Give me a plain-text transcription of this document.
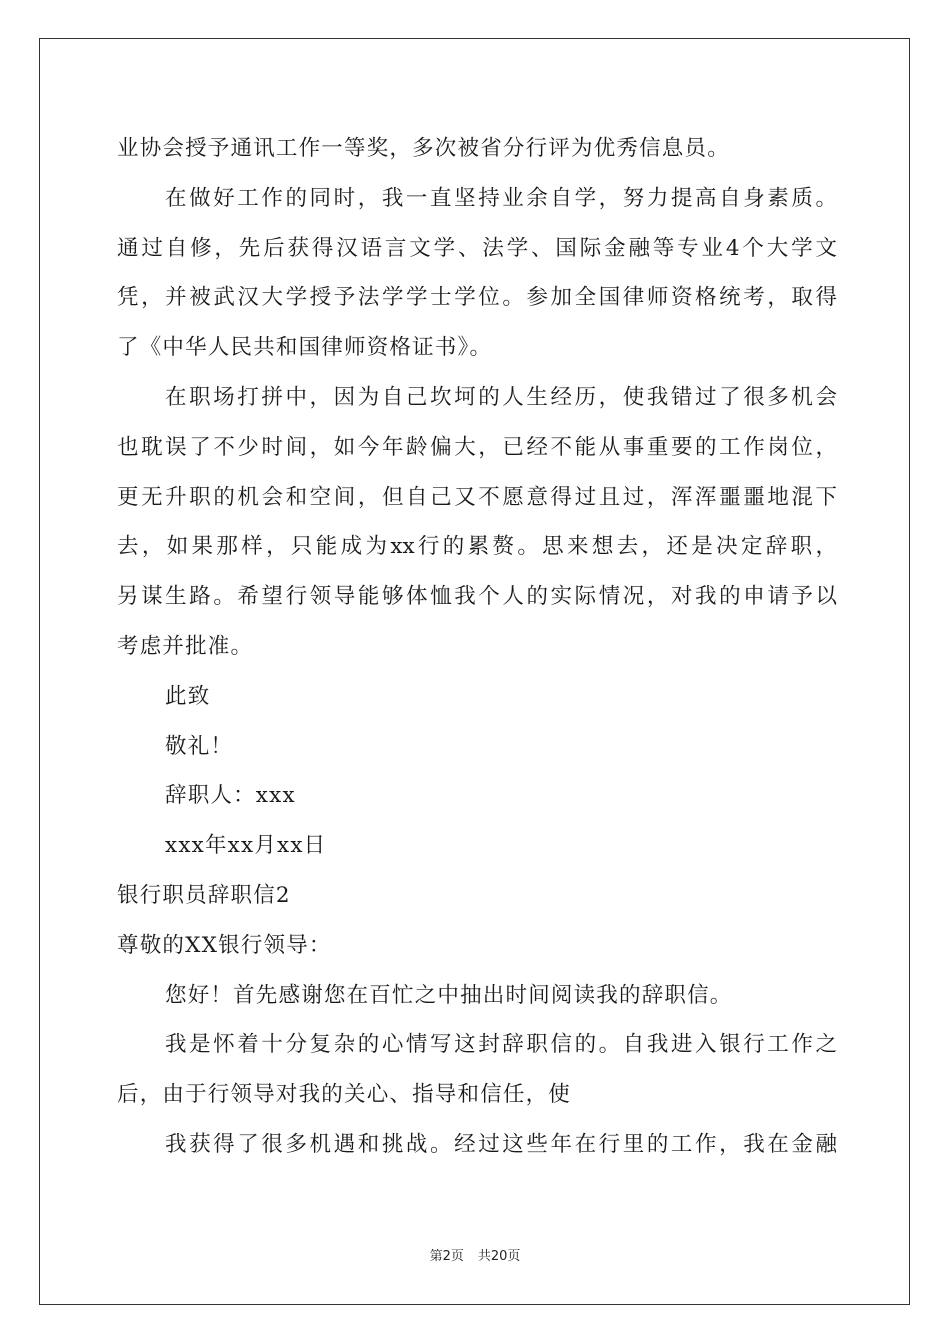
业协会授予通讯工作一等奖，多次被省分行评为优秀信息员。
在做好工作的同时，我一直坚持业余自学，努力提高自身素质。
通过自修，先后获得汉语言文学、法学、国际金融等专业4个大学文
凭，并被武汉大学授予法学学士学位。参加全国律师资格统考，取得
了《中华人民共和国律师资格证书》。
在职场打拼中，因为自己坎坷的人生经历，使我错过了很多机会
也耽误了不少时间，如今年龄偏大，已经不能从事重要的工作岗位，
更无升职的机会和空间，但自己又不愿意得过且过，浑浑噩噩地混下
去，如果那样，只能成为xx行的累赘。思来想去，还是决定辞职，
另谋生路。希望行领导能够体恤我个人的实际情况，对我的申请予以
考虑并批准。
此致
敬礼！
辞职人：xxx
xxx年xx月xx日
银行职员辞职信2
尊敬的XX银行领导：
您好！首先感谢您在百忙之中抽出时间阅读我的辞职信。
我是怀着十分复杂的心情写这封辞职信的。自我进入银行工作之
后，由于行领导对我的关心、指导和信任，使
我获得了很多机遇和挑战。经过这些年在行里的工作，我在金融
第2页 共20页
